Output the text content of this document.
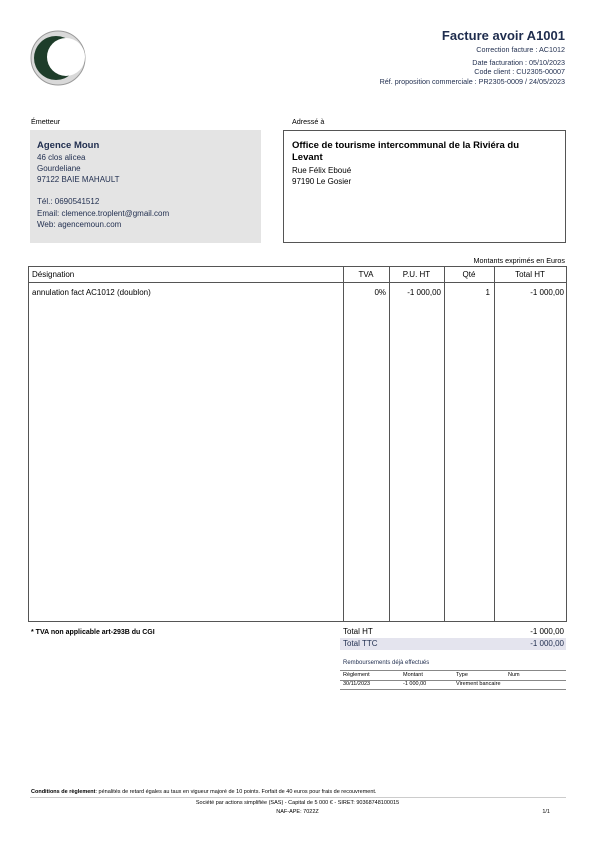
Facture avoir A1001
Correction facture : AC1012
Date facturation : 05/10/2023
Code client : CU2305-00007
Réf. proposition commerciale : PR2305-0009 / 24/05/2023
Émetteur
Agence Moun
46 clos alicea
Gourdeliane
97122 BAIE MAHAULT
Tél.: 0690541512
Email: clemence.troplent@gmail.com
Web: agencemoun.com
Adressé à
Office de tourisme intercommunal de la Riviéra du
Levant
Rue Félix Eboué
97190 Le Gosier
Montants exprimés en Euros
Désignation	TVA	P.U. HT	Qté	Total HT
annulation fact AC1012 (doublon)	0%	-1 000,00	1	-1 000,00
* TVA non applicable art-293B du CGI	Total HT	-1 000,00
Total TTC	-1 000,00
Remboursements déjà effectués
Règlement	Montant	Type	Num
30/11/2023	-1 000,00	Virement bancaire
Conditions de règlement: pénalités de retard égales au taux en vigueur majoré de 10 points. Forfait de 40 euros pour frais de recouvrement.
Société par actions simplifiée (SAS) - Capital de 5 000 € - SIRET: 90368748100015
NAF-APE: 7022Z	1/1
